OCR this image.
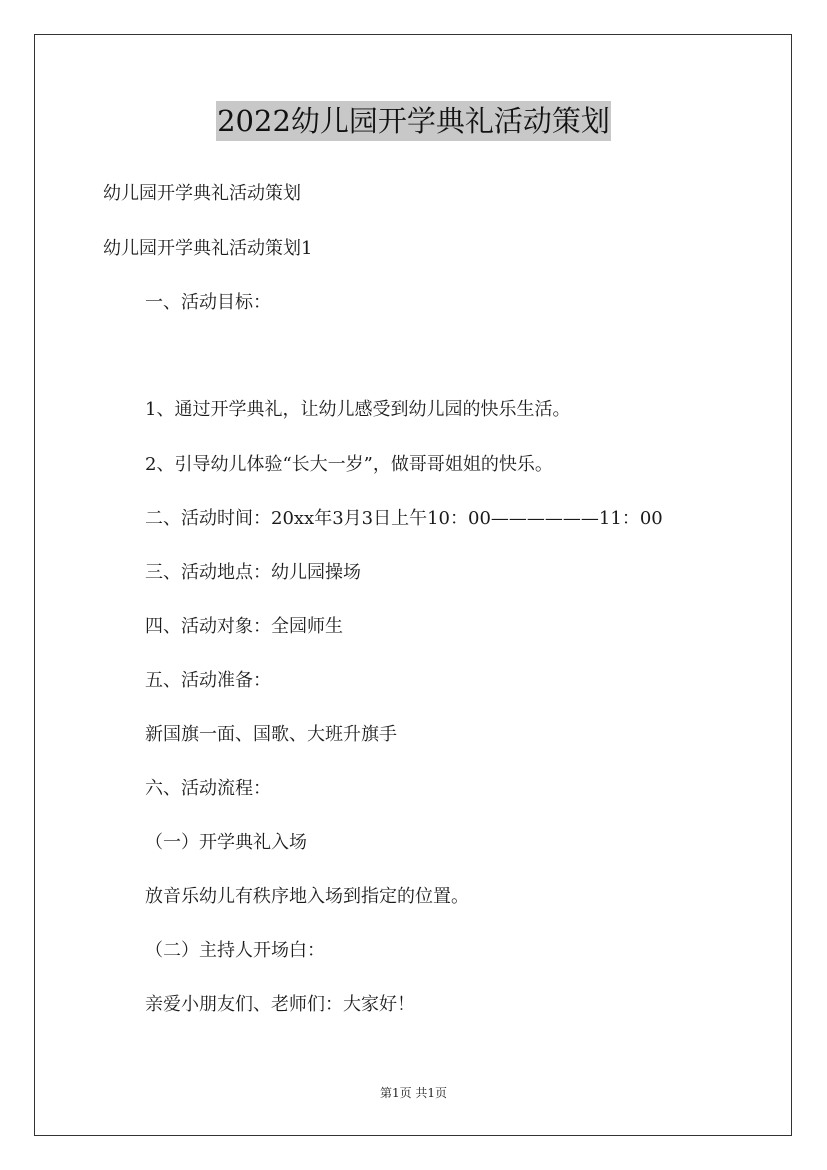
2022幼儿园开学典礼活动策划
幼儿园开学典礼活动策划
幼儿园开学典礼活动策划1
一、活动目标：
1、通过开学典礼，让幼儿感受到幼儿园的快乐生活。
2、引导幼儿体验“长大一岁”，做哥哥姐姐的快乐。
二、活动时间：20xx年3月3日上午10：00——————11：00
三、活动地点：幼儿园操场
四、活动对象：全园师生
五、活动准备：
新国旗一面、国歌、大班升旗手
六、活动流程：
（一）开学典礼入场
放音乐幼儿有秩序地入场到指定的位置。
（二）主持人开场白：
亲爱小朋友们、老师们：大家好！
第1页 共1页
